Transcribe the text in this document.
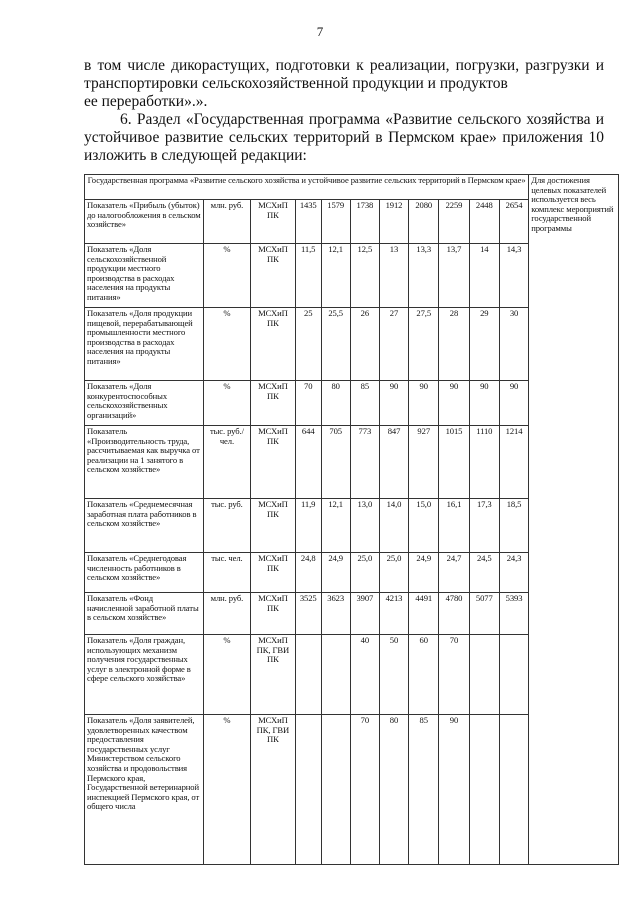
7
в том числе дикорастущих, подготовки к реализации, погрузки, разгрузки и транспортировки сельскохозяйственной продукции и продуктов
ее переработки».».
6. Раздел «Государственная программа «Развитие сельского хозяйства и устойчивое развитие сельских территорий в Пермском крае» приложения 10 изложить в следующей редакции:
Государственная программа «Развитие сельского хозяйства и устойчивое развитие сельских территорий в Пермском крае»											Для достижения целевых показателей используется весь комплекс мероприятий государственной программы
Показатель «Прибыль (убыток) до налогообложения в сельском хозяйстве»	млн. руб.	МСХиП ПК	1435	1579	1738	1912	2080	2259	2448	2654	
Показатель «Доля сельскохозяйственной продукции местного производства в расходах населения на продукты питания»	%	МСХиП ПК	11,5	12,1	12,5	13	13,3	13,7	14	14,3	
Показатель «Доля продукции пищевой, перерабатывающей промышленности местного производства в расходах населения на продукты питания»	%	МСХиП ПК	25	25,5	26	27	27,5	28	29	30	
Показатель «Доля конкурентоспособных сельскохозяйственных организаций»	%	МСХиП ПК	70	80	85	90	90	90	90	90	
Показатель «Производительность труда, рассчитываемая как выручка от реализации на 1 занятого в сельском хозяйстве»	тыс. руб./чел.	МСХиП ПК	644	705	773	847	927	1015	1110	1214	
Показатель «Среднемесячная заработная плата работников в сельском хозяйстве»	тыс. руб.	МСХиП ПК	11,9	12,1	13,0	14,0	15,0	16,1	17,3	18,5	
Показатель «Среднегодовая численность работников в сельском хозяйстве»	тыс. чел.	МСХиП ПК	24,8	24,9	25,0	25,0	24,9	24,7	24,5	24,3	
Показатель «Фонд начисленной заработной платы в сельском хозяйстве»	млн. руб.	МСХиП ПК	3525	3623	3907	4213	4491	4780	5077	5393	
Показатель «Доля граждан, использующих механизм получения государственных услуг в электронной форме в сфере сельского хозяйства»	%	МСХиП ПК, ГВИ ПК			40	50	60	70			
Показатель «Доля заявителей, удовлетворенных качеством предоставления государственных услуг Министерством сельского хозяйства и продовольствия Пермского края, Государственной ветеринарной инспекцией Пермского края, от общего числа	%	МСХиП ПК, ГВИ ПК			70	80	85	90			
